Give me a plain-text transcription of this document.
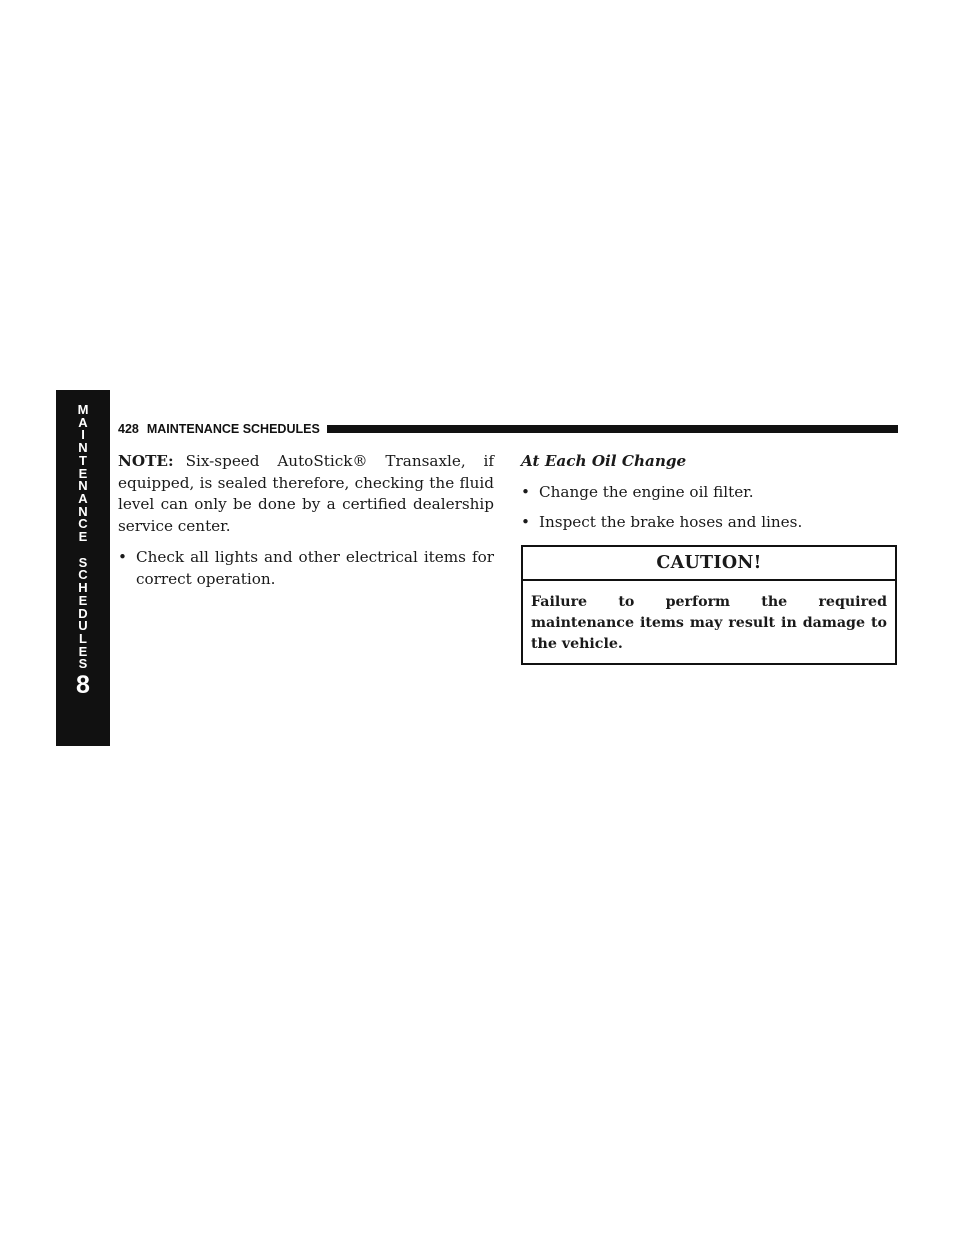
M
A
I
N
T
E
N
A
N
C
E
S
C
H
E
D
U
L
E
S
8
428 MAINTENANCE SCHEDULES

NOTE: Six-speed AutoStick® Transaxle, if equipped, is sealed therefore, checking the fluid level can only be done by a certified dealership service center.

• Check all lights and other electrical items for correct operation.

At Each Oil Change

• Change the engine oil filter.
• Inspect the brake hoses and lines.
CAUTION!
Failure to perform the required maintenance items may result in damage to the vehicle.
